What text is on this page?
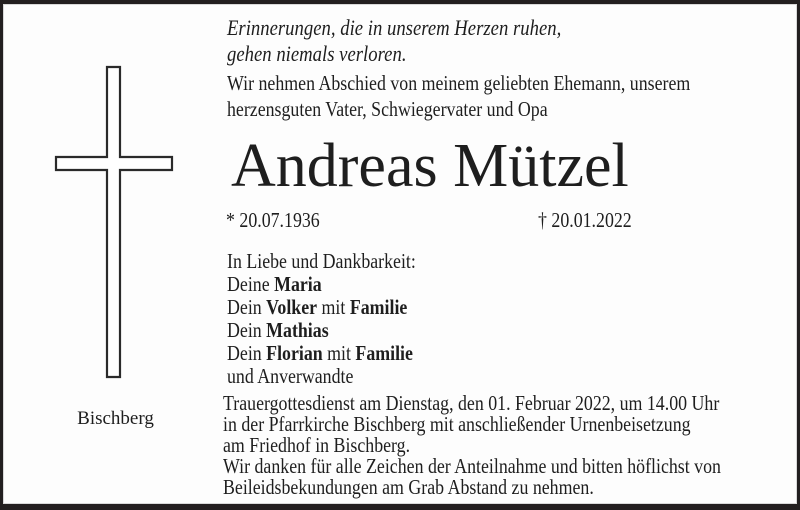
Erinnerungen, die in unserem Herzen ruhen,
gehen niemals verloren.
Wir nehmen Abschied von meinem geliebten Ehemann, unserem
herzensguten Vater, Schwiegervater und Opa
Andreas Mützel
* 20.07.1936	† 20.01.2022
In Liebe und Dankbarkeit:
Deine Maria
Dein Volker mit Familie
Dein Mathias
Dein Florian mit Familie
und Anverwandte
Bischberg
Trauergottesdienst am Dienstag, den 01. Februar 2022, um 14.00 Uhr
in der Pfarrkirche Bischberg mit anschließender Urnenbeisetzung
am Friedhof in Bischberg.
Wir danken für alle Zeichen der Anteilnahme und bitten höflichst von
Beileidsbekundungen am Grab Abstand zu nehmen.
